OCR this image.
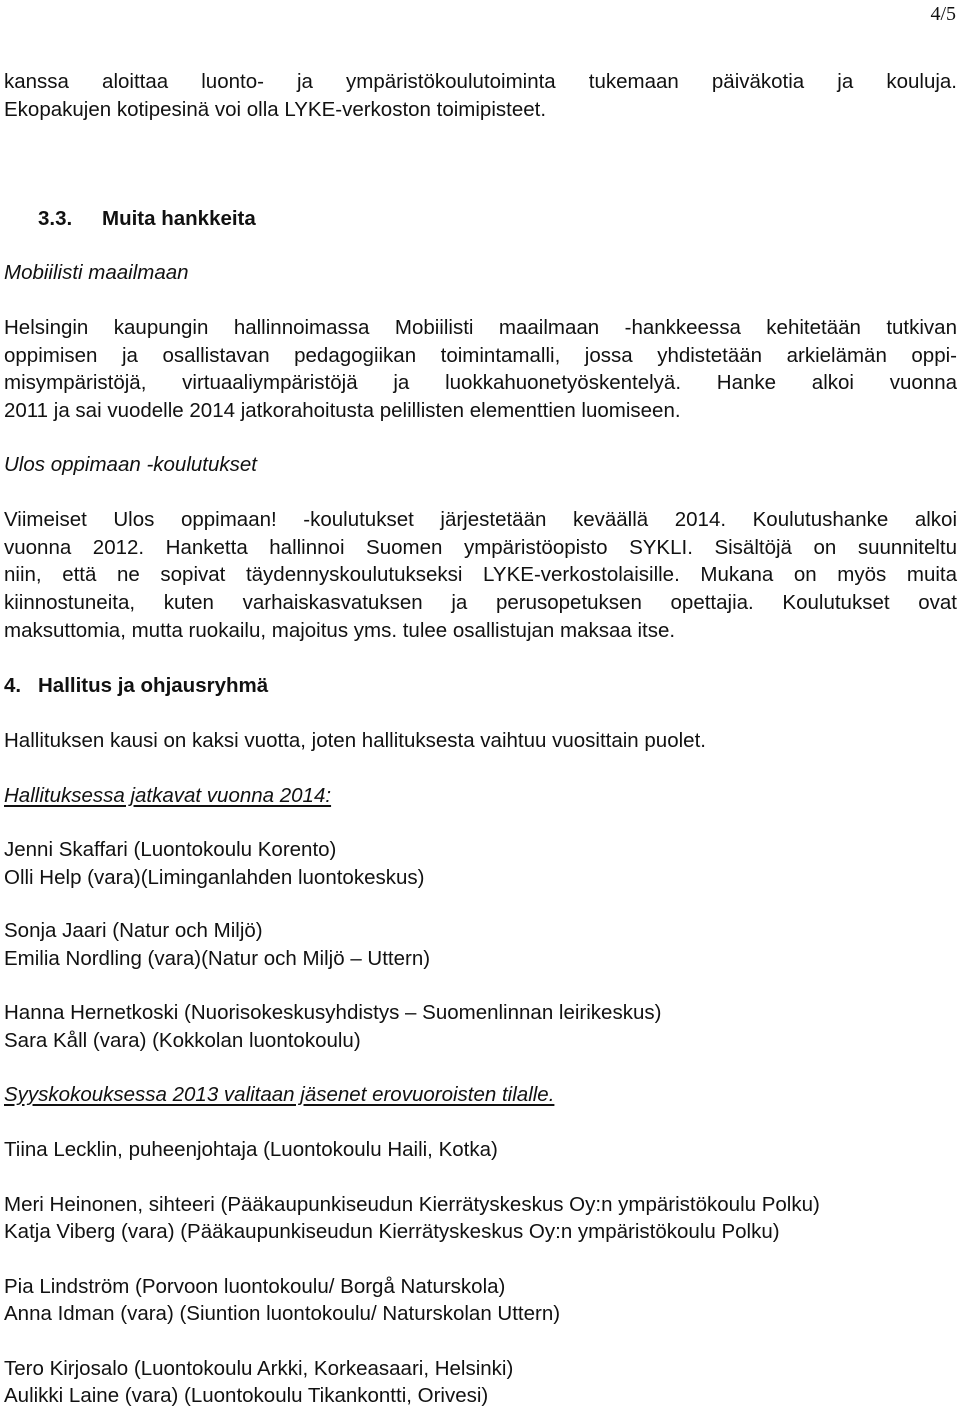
4/5
kanssa aloittaa luonto- ja ympäristökoulutoiminta tukemaan päiväkotia ja kouluja.
Ekopakujen kotipesinä voi olla LYKE-verkoston toimipisteet.
3.3. Muita hankkeita
Mobiilisti maailmaan
Helsingin kaupungin hallinnoimassa Mobiilisti maailmaan -hankkeessa kehitetään tutkivan
oppimisen ja osallistavan pedagogiikan toimintamalli, jossa yhdistetään arkielämän oppi-
misympäristöjä, virtuaaliympäristöjä ja luokkahuonetyöskentelyä. Hanke alkoi vuonna
2011 ja sai vuodelle 2014 jatkorahoitusta pelillisten elementtien luomiseen.
Ulos oppimaan -koulutukset
Viimeiset Ulos oppimaan! -koulutukset järjestetään keväällä 2014. Koulutushanke alkoi
vuonna 2012. Hanketta hallinnoi Suomen ympäristöopisto SYKLI. Sisältöjä on suunniteltu
niin, että ne sopivat täydennyskoulutukseksi LYKE-verkostolaisille. Mukana on myös muita
kiinnostuneita, kuten varhaiskasvatuksen ja perusopetuksen opettajia. Koulutukset ovat
maksuttomia, mutta ruokailu, majoitus yms. tulee osallistujan maksaa itse.
4. Hallitus ja ohjausryhmä
Hallituksen kausi on kaksi vuotta, joten hallituksesta vaihtuu vuosittain puolet.
Hallituksessa jatkavat vuonna 2014:
Jenni Skaffari (Luontokoulu Korento)
Olli Help (vara)(Liminganlahden luontokeskus)
Sonja Jaari (Natur och Miljö)
Emilia Nordling (vara)(Natur och Miljö – Uttern)
Hanna Hernetkoski (Nuorisokeskusyhdistys – Suomenlinnan leirikeskus)
Sara Kåll (vara) (Kokkolan luontokoulu)
Syyskokouksessa 2013 valitaan jäsenet erovuoroisten tilalle.
Tiina Lecklin, puheenjohtaja (Luontokoulu Haili, Kotka)
Meri Heinonen, sihteeri (Pääkaupunkiseudun Kierrätyskeskus Oy:n ympäristökoulu Polku)
Katja Viberg (vara) (Pääkaupunkiseudun Kierrätyskeskus Oy:n ympäristökoulu Polku)
Pia Lindström (Porvoon luontokoulu/ Borgå Naturskola)
Anna Idman (vara) (Siuntion luontokoulu/ Naturskolan Uttern)
Tero Kirjosalo (Luontokoulu Arkki, Korkeasaari, Helsinki)
Aulikki Laine (vara) (Luontokoulu Tikankontti, Orivesi)
